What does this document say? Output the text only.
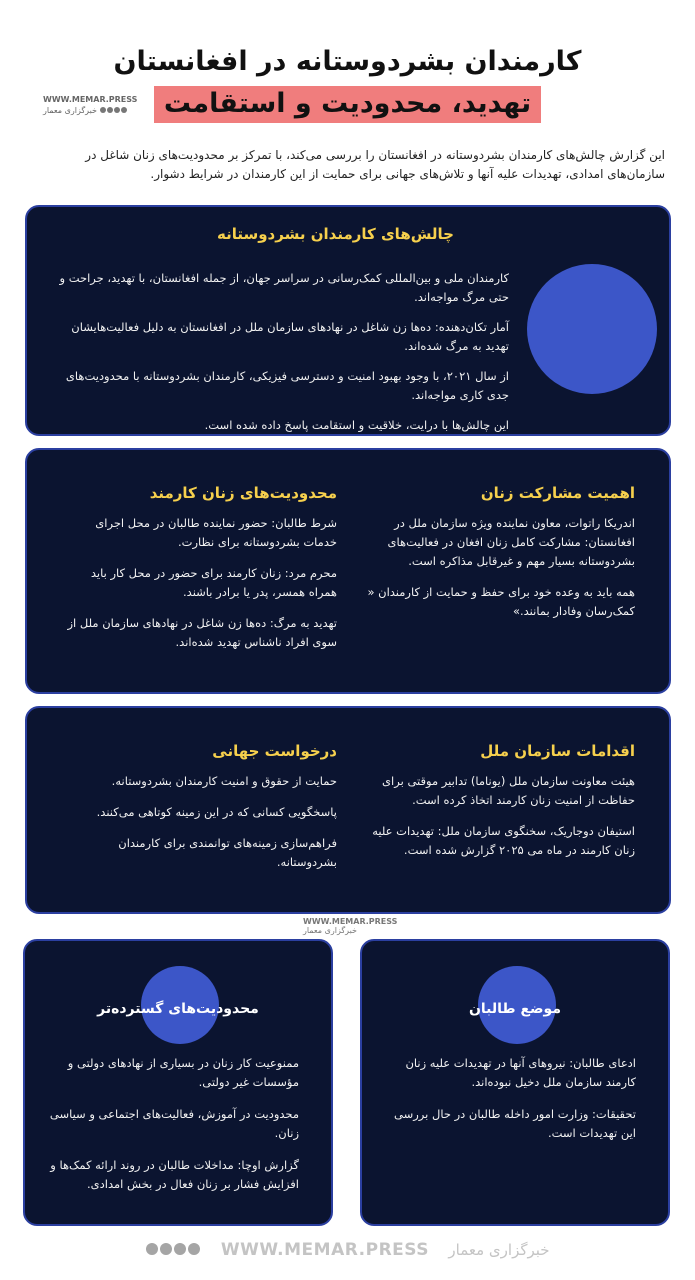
کارمندان بشردوستانه در افغانستان
تهدید، محدودیت و استقامت
WWW.MEMAR.PRESS
خبرگزاری معمار

این گزارش چالش‌های کارمندان بشردوستانه در افغانستان را بررسی می‌کند، با تمرکز بر محدودیت‌های زنان شاغل در سازمان‌های امدادی، تهدیدات علیه آنها و تلاش‌های جهانی برای حمایت از این کارمندان در شرایط دشوار.

چالش‌های کارمندان بشردوستانه

کارمندان ملی و بین‌المللی کمک‌رسانی در سراسر جهان، از جمله افغانستان، با تهدید، جراحت و حتی مرگ مواجه‌اند.

آمار تکان‌دهنده: ده‌ها زن شاغل در نهادهای سازمان ملل در افغانستان به دلیل فعالیت‌هایشان تهدید به مرگ شده‌اند.

از سال ۲۰۲۱، با وجود بهبود امنیت و دسترسی فیزیکی، کارمندان بشردوستانه با محدودیت‌های جدی کاری مواجه‌اند.

این چالش‌ها با درایت، خلاقیت و استقامت پاسخ داده شده است.

اهمیت مشارکت زنان

اندریکا راتوات، معاون نماینده ویژه سازمان ملل در افغانستان: مشارکت کامل زنان افغان در فعالیت‌های بشردوستانه بسیار مهم و غیرقابل مذاکره است.

همه باید به وعده خود برای حفظ و حمایت از کارمندان « کمک‌رسان وفادار بمانند.»

محدودیت‌های زنان کارمند

شرط طالبان: حضور نماینده طالبان در محل اجرای خدمات بشردوستانه برای نظارت.

محرم مرد: زنان کارمند برای حضور در محل کار باید همراه همسر، پدر یا برادر باشند.

تهدید به مرگ: ده‌ها زن شاغل در نهادهای سازمان ملل از سوی افراد ناشناس تهدید شده‌اند.

اقدامات سازمان ملل

هیئت معاونت سازمان ملل (یوناما) تدابیر موقتی برای حفاظت از امنیت زنان کارمند اتخاذ کرده است.

استیفان دوجاریک، سخنگوی سازمان ملل: تهدیدات علیه زنان کارمند در ماه می ۲۰۲۵ گزارش شده است.

درخواست جهانی

حمایت از حقوق و امنیت کارمندان بشردوستانه.

پاسخگویی کسانی که در این زمینه کوتاهی می‌کنند.

فراهم‌سازی زمینه‌های توانمندی برای کارمندان بشردوستانه.

WWW.MEMAR.PRESS
خبرگزاری معمار
محدودیت‌های گسترده‌تر

ممنوعیت کار زنان در بسیاری از نهادهای دولتی و مؤسسات غیر دولتی.

محدودیت در آموزش، فعالیت‌های اجتماعی و سیاسی زنان.

گزارش اوچا: مداخلات طالبان در روند ارائه کمک‌ها و افزایش فشار بر زنان فعال در بخش امدادی.

موضع طالبان

ادعای طالبان: نیروهای آنها در تهدیدات علیه زنان کارمند سازمان ملل دخیل نبوده‌اند.

تحقیقات: وزارت امور داخله طالبان در حال بررسی این تهدیدات است.

WWW.MEMAR.PRESS خبرگزاری معمار
